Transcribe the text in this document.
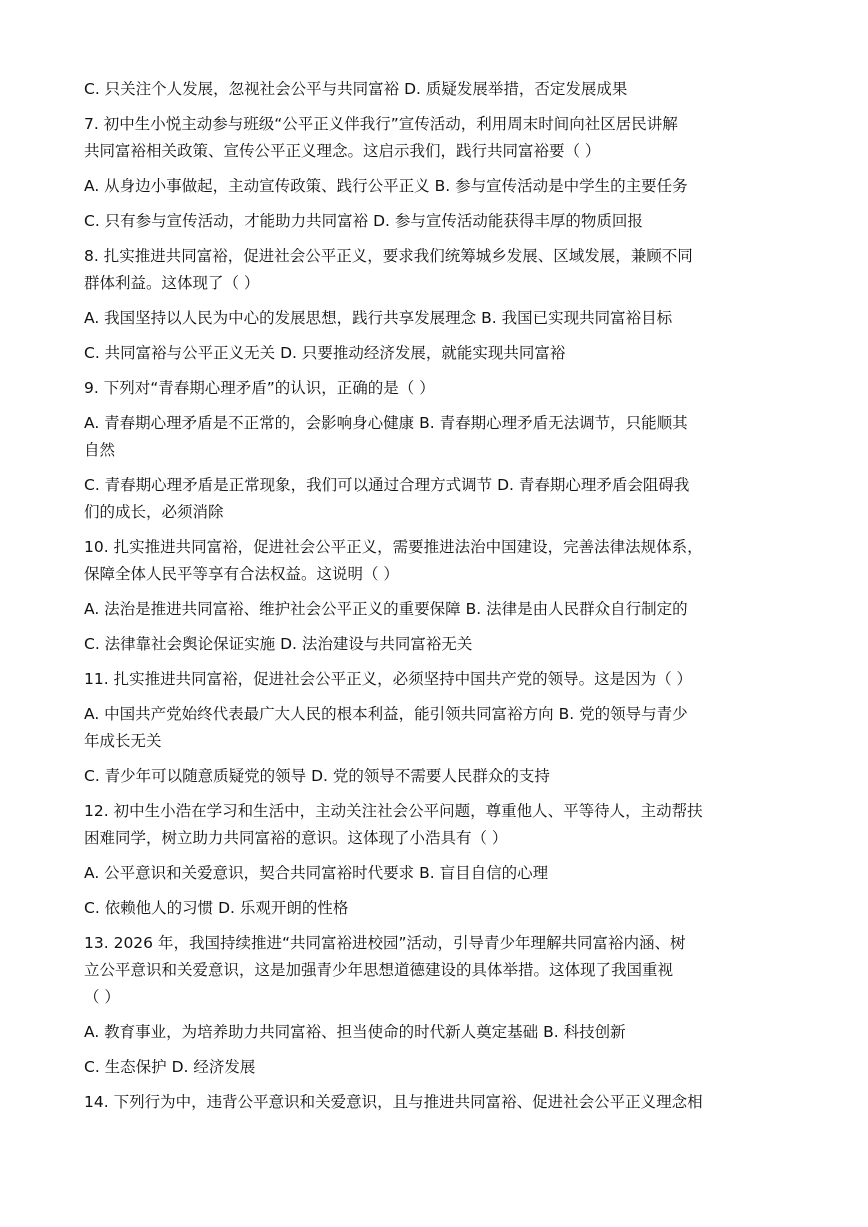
C. 只关注个人发展，忽视社会公平与共同富裕 D. 质疑发展举措，否定发展成果

7. 初中生小悦主动参与班级“公平正义伴我行”宣传活动，利用周末时间向社区居民讲解

共同富裕相关政策、宣传公平正义理念。这启示我们，践行共同富裕要（ ）

A. 从身边小事做起，主动宣传政策、践行公平正义 B. 参与宣传活动是中学生的主要任务

C. 只有参与宣传活动，才能助力共同富裕 D. 参与宣传活动能获得丰厚的物质回报

8. 扎实推进共同富裕，促进社会公平正义，要求我们统筹城乡发展、区域发展，兼顾不同

群体利益。这体现了（ ）

A. 我国坚持以人民为中心的发展思想，践行共享发展理念 B. 我国已实现共同富裕目标

C. 共同富裕与公平正义无关 D. 只要推动经济发展，就能实现共同富裕

9. 下列对“青春期心理矛盾”的认识，正确的是（ ）

A. 青春期心理矛盾是不正常的，会影响身心健康 B. 青春期心理矛盾无法调节，只能顺其

自然

C. 青春期心理矛盾是正常现象，我们可以通过合理方式调节 D. 青春期心理矛盾会阻碍我

们的成长，必须消除

10. 扎实推进共同富裕，促进社会公平正义，需要推进法治中国建设，完善法律法规体系，

保障全体人民平等享有合法权益。这说明（ ）

A. 法治是推进共同富裕、维护社会公平正义的重要保障 B. 法律是由人民群众自行制定的

C. 法律靠社会舆论保证实施 D. 法治建设与共同富裕无关

11. 扎实推进共同富裕，促进社会公平正义，必须坚持中国共产党的领导。这是因为（ ）

A. 中国共产党始终代表最广大人民的根本利益，能引领共同富裕方向 B. 党的领导与青少

年成长无关

C. 青少年可以随意质疑党的领导 D. 党的领导不需要人民群众的支持

12. 初中生小浩在学习和生活中，主动关注社会公平问题，尊重他人、平等待人，主动帮扶

困难同学，树立助力共同富裕的意识。这体现了小浩具有（ ）

A. 公平意识和关爱意识，契合共同富裕时代要求 B. 盲目自信的心理

C. 依赖他人的习惯 D. 乐观开朗的性格

13. 2026 年，我国持续推进“共同富裕进校园”活动，引导青少年理解共同富裕内涵、树

立公平意识和关爱意识，这是加强青少年思想道德建设的具体举措。这体现了我国重视

（ ）

A. 教育事业，为培养助力共同富裕、担当使命的时代新人奠定基础 B. 科技创新

C. 生态保护 D. 经济发展

14. 下列行为中，违背公平意识和关爱意识，且与推进共同富裕、促进社会公平正义理念相
